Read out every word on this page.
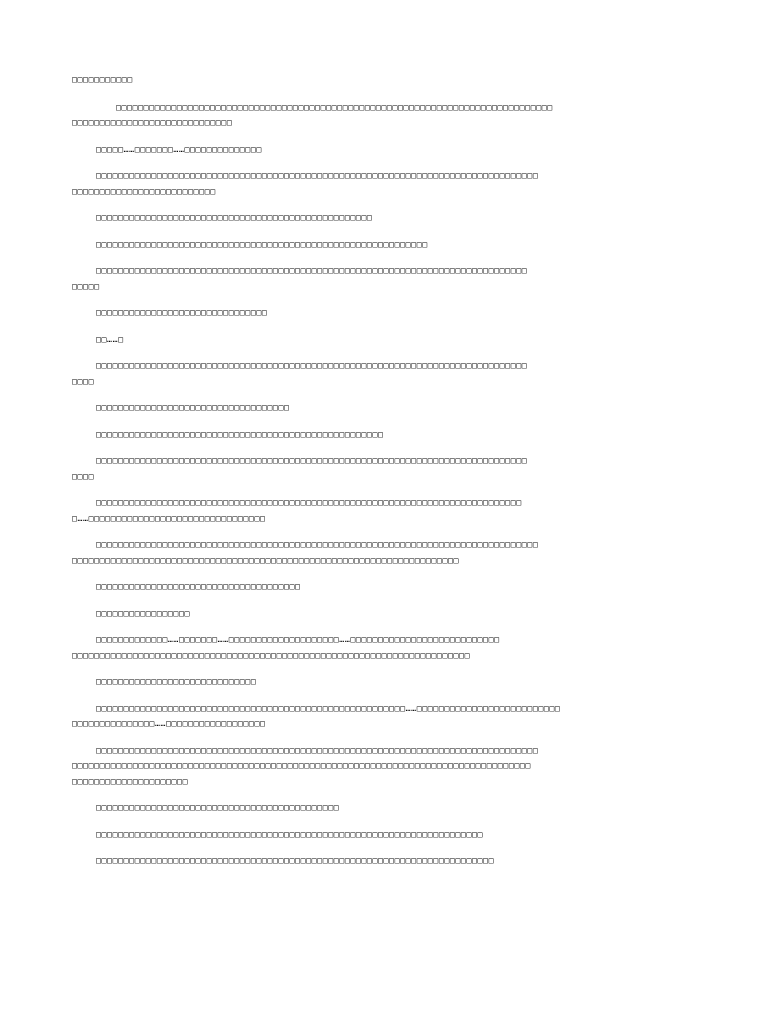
□□□□□□□□□□□
□□□□□□□□□□□□□□□□□□□□□□□□□□□□□□□□□□□□□□□□□□□□□□□□□□□□□□□□□□□□□□□□□□□□□□□□□□□□□□□
□□□□□□□□□□□□□□□□□□□□□□□□□□□□□
□□□□□……□□□□□□□……□□□□□□□□□□□□□□
□□□□□□□□□□□□□□□□□□□□□□□□□□□□□□□□□□□□□□□□□□□□□□□□□□□□□□□□□□□□□□□□□□□□□□□□□□□□□□□□
□□□□□□□□□□□□□□□□□□□□□□□□□□
□□□□□□□□□□□□□□□□□□□□□□□□□□□□□□□□□□□□□□□□□□□□□□□□□□
□□□□□□□□□□□□□□□□□□□□□□□□□□□□□□□□□□□□□□□□□□□□□□□□□□□□□□□□□□□□
□□□□□□□□□□□□□□□□□□□□□□□□□□□□□□□□□□□□□□□□□□□□□□□□□□□□□□□□□□□□□□□□□□□□□□□□□□□□□□
□□□□□
□□□□□□□□□□□□□□□□□□□□□□□□□□□□□□□
□□……□
□□□□□□□□□□□□□□□□□□□□□□□□□□□□□□□□□□□□□□□□□□□□□□□□□□□□□□□□□□□□□□□□□□□□□□□□□□□□□□
□□□□
□□□□□□□□□□□□□□□□□□□□□□□□□□□□□□□□□□□
□□□□□□□□□□□□□□□□□□□□□□□□□□□□□□□□□□□□□□□□□□□□□□□□□□□□
□□□□□□□□□□□□□□□□□□□□□□□□□□□□□□□□□□□□□□□□□□□□□□□□□□□□□□□□□□□□□□□□□□□□□□□□□□□□□□
□□□□
□□□□□□□□□□□□□□□□□□□□□□□□□□□□□□□□□□□□□□□□□□□□□□□□□□□□□□□□□□□□□□□□□□□□□□□□□□□□□
□……□□□□□□□□□□□□□□□□□□□□□□□□□□□□□□□□
□□□□□□□□□□□□□□□□□□□□□□□□□□□□□□□□□□□□□□□□□□□□□□□□□□□□□□□□□□□□□□□□□□□□□□□□□□□□□□□□
□□□□□□□□□□□□□□□□□□□□□□□□□□□□□□□□□□□□□□□□□□□□□□□□□□□□□□□□□□□□□□□□□□□□□□
□□□□□□□□□□□□□□□□□□□□□□□□□□□□□□□□□□□□□
□□□□□□□□□□□□□□□□□
□□□□□□□□□□□□□……□□□□□□□……□□□□□□□□□□□□□□□□□□□□……□□□□□□□□□□□□□□□□□□□□□□□□□□□
□□□□□□□□□□□□□□□□□□□□□□□□□□□□□□□□□□□□□□□□□□□□□□□□□□□□□□□□□□□□□□□□□□□□□□□□
□□□□□□□□□□□□□□□□□□□□□□□□□□□□□
□□□□□□□□□□□□□□□□□□□□□□□□□□□□□□□□□□□□□□□□□□□□□□□□□□□□□□□□……□□□□□□□□□□□□□□□□□□□□□□□□□□
□□□□□□□□□□□□□□□……□□□□□□□□□□□□□□□□□□
□□□□□□□□□□□□□□□□□□□□□□□□□□□□□□□□□□□□□□□□□□□□□□□□□□□□□□□□□□□□□□□□□□□□□□□□□□□□□□□□
□□□□□□□□□□□□□□□□□□□□□□□□□□□□□□□□□□□□□□□□□□□□□□□□□□□□□□□□□□□□□□□□□□□□□□□□□□□□□□□□□□□
□□□□□□□□□□□□□□□□□□□□□
□□□□□□□□□□□□□□□□□□□□□□□□□□□□□□□□□□□□□□□□□□□□
□□□□□□□□□□□□□□□□□□□□□□□□□□□□□□□□□□□□□□□□□□□□□□□□□□□□□□□□□□□□□□□□□□□□□□
□□□□□□□□□□□□□□□□□□□□□□□□□□□□□□□□□□□□□□□□□□□□□□□□□□□□□□□□□□□□□□□□□□□□□□□□
